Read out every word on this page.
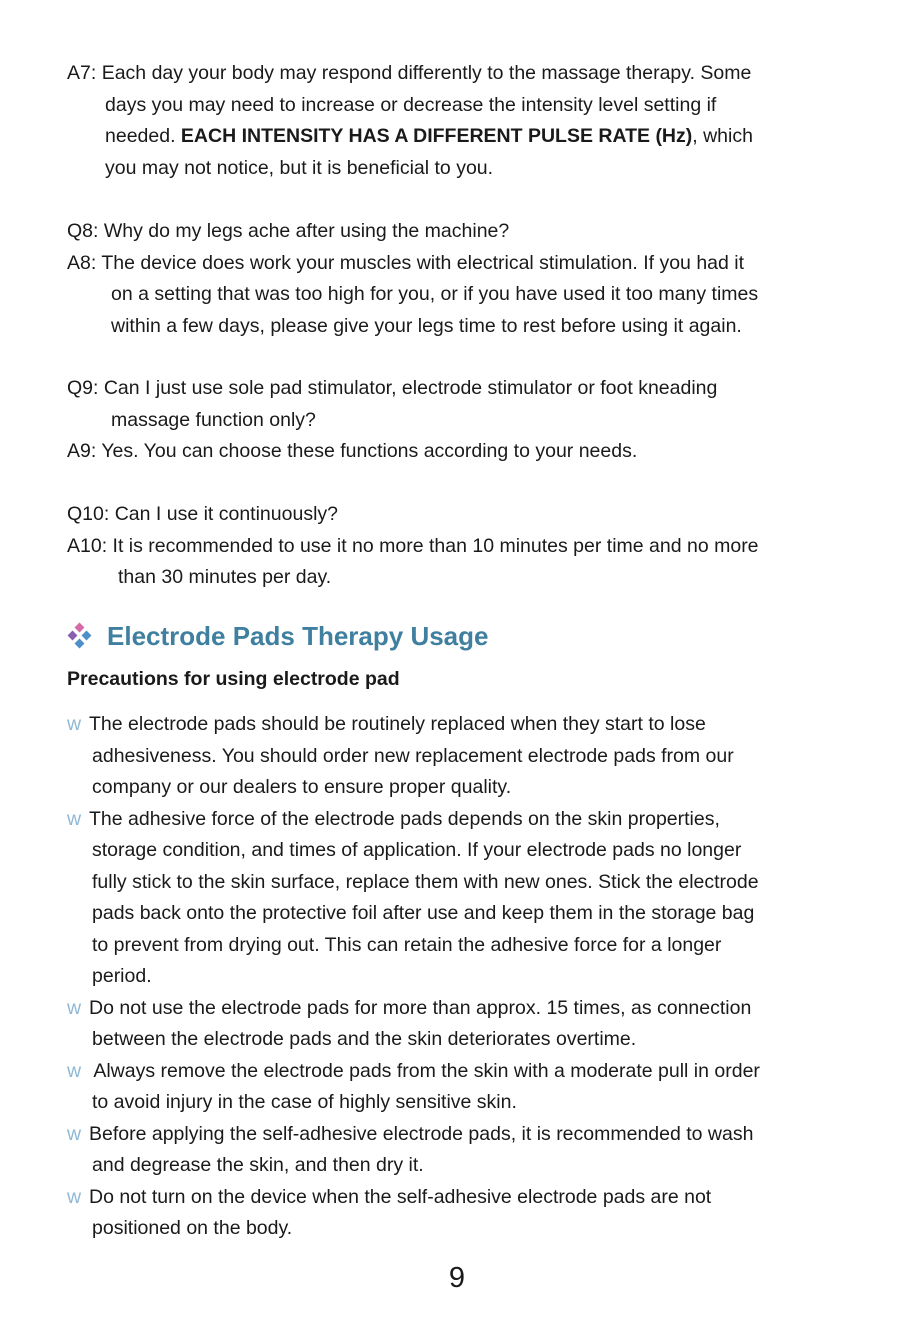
A7: Each day your body may respond differently to the massage therapy. Some
days you may need to increase or decrease the intensity level setting if
needed. EACH INTENSITY HAS A DIFFERENT PULSE RATE (Hz), which
you may not notice, but it is beneficial to you.
Q8: Why do my legs ache after using the machine?
A8: The device does work your muscles with electrical stimulation. If you had it
on a setting that was too high for you, or if you have used it too many times
within a few days, please give your legs time to rest before using it again.
Q9: Can I just use sole pad stimulator, electrode stimulator or foot kneading
massage function only?
A9: Yes. You can choose these functions according to your needs.
Q10: Can I use it continuously?
A10: It is recommended to use it no more than 10 minutes per time and no more
than 30 minutes per day.
Electrode Pads Therapy Usage
Precautions for using electrode pad
w The electrode pads should be routinely replaced when they start to lose
adhesiveness. You should order new replacement electrode pads from our
company or our dealers to ensure proper quality.
w The adhesive force of the electrode pads depends on the skin properties,
storage condition, and times of application. If your electrode pads no longer
fully stick to the skin surface, replace them with new ones. Stick the electrode
pads back onto the protective foil after use and keep them in the storage bag
to prevent from drying out. This can retain the adhesive force for a longer
period.
w Do not use the electrode pads for more than approx. 15 times, as connection
between the electrode pads and the skin deteriorates overtime.
w Always remove the electrode pads from the skin with a moderate pull in order
to avoid injury in the case of highly sensitive skin.
w Before applying the self-adhesive electrode pads, it is recommended to wash
and degrease the skin, and then dry it.
w Do not turn on the device when the self-adhesive electrode pads are not
positioned on the body.
9
